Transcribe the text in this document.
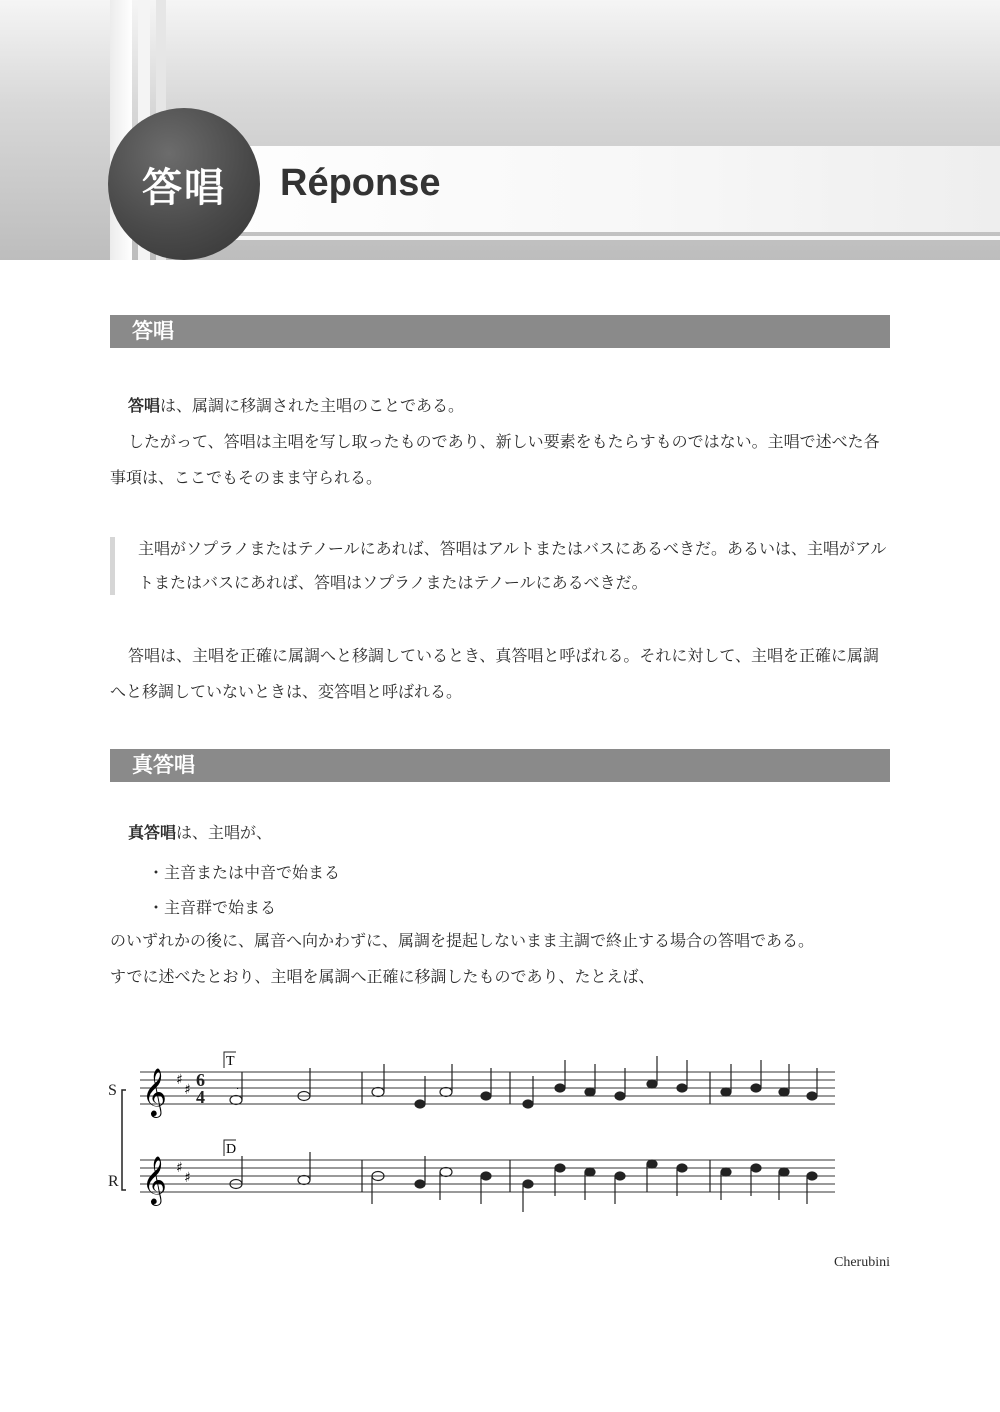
答唱 Réponse
答唱

答唱は、属調に移調された主唱のことである。

したがって、答唱は主唱を写し取ったものであり、新しい要素をもたらすものではない。主唱で述べた各事項は、ここでもそのまま守られる。

主唱がソプラノまたはテノールにあれば、答唱はアルトまたはバスにあるべきだ。あるいは、主唱がアルトまたはバスにあれば、答唱はソプラノまたはテノールにあるべきだ。

答唱は、主唱を正確に属調へと移調しているとき、真答唱と呼ばれる。それに対して、主唱を正確に属調へと移調していないときは、変答唱と呼ばれる。

真答唱

真答唱は、主唱が、

・主音または中音で始まる
・主音群で始まる

のいずれかの後に、属音へ向かわずに、属調を提起しないまま主調で終止する場合の答唱である。

すでに述べたとおり、主唱を属調へ正確に移調したものであり、たとえば、

S
R
𝄞
𝄞
♯
♯
♯
♯
6
4
T
D
·
Cherubini
